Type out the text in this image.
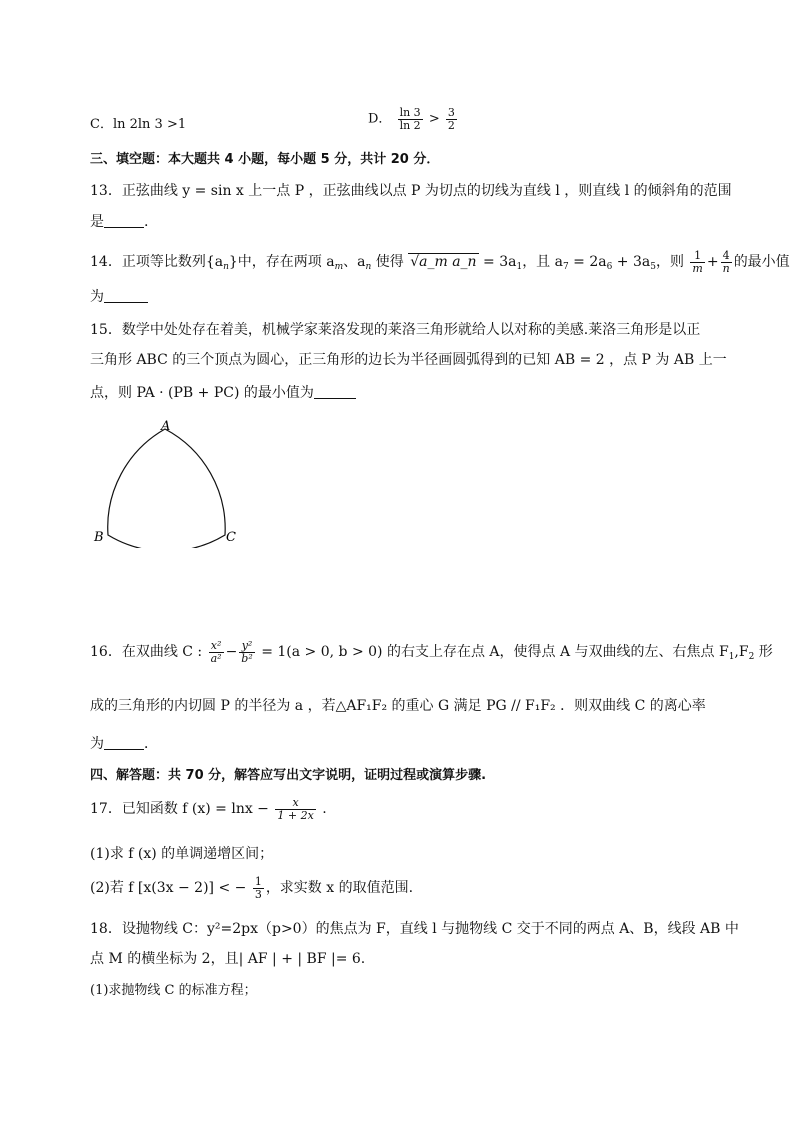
C．ln 2ln 3 >1	D． $\frac{\ln 3}{\ln 2} > \frac{3}{2}$
三、填空题：本大题共 4 小题，每小题 5 分，共计 20 分．
13．正弦曲线 y = sin x 上一点 P ，正弦曲线以点 P 为切点的切线为直线 l ，则直线 l 的倾斜角的范围
是	.
14．正项等比数列$\{a_n\}$中，存在两项 $a_m$、$a_n$ 使得 √a_m a_n = $3a_1$，且 $a_7 = 2a_6 + 3a_5$，则 $\frac{1}{m} + \frac{4}{n}$ 的最小值
为
15．数学中处处存在着美，机械学家莱洛发现的莱洛三角形就给人以对称的美感.莱洛三角形是以正
三角形 ABC 的三个顶点为圆心，正三角形的边长为半径画圆弧得到的已知 AB = 2 ，点 P 为 AB 上一
点，则 PA · (PB + PC) 的最小值为
A
B	C
16．在双曲线 C : $\frac{\text{x²}}{\text{a²}} - \frac{\text{y²}}{\text{b²}} = 1(a > 0$, b > 0) 的右支上存在点 A，使得点 A 与双曲线的左、右焦点 $F_1,F_2$ 形
成的三角形的内切圆 P 的半径为 a ，若△AF₁F₂ 的重心 G 满足 PG // F₁F₂ ．则双曲线 C 的离心率
为	．
四、解答题：共 70 分，解答应写出文字说明，证明过程或演算步骤.
17．已知函数 f $(x) = \ln x - \frac{x}{1 + 2x}$ .
(1)求 f (x) 的单调递增区间；
(2)若 f [x(3x − 2)] < − $\frac{1}{3}$ ，求实数 x 的取值范围.
18．设抛物线 C：y²=2px（p>0）的焦点为 F，直线 l 与抛物线 C 交于不同的两点 A、B，线段 AB 中
点 M 的横坐标为 2，且| AF | + | BF |= 6.
(1)求抛物线 C 的标准方程；
